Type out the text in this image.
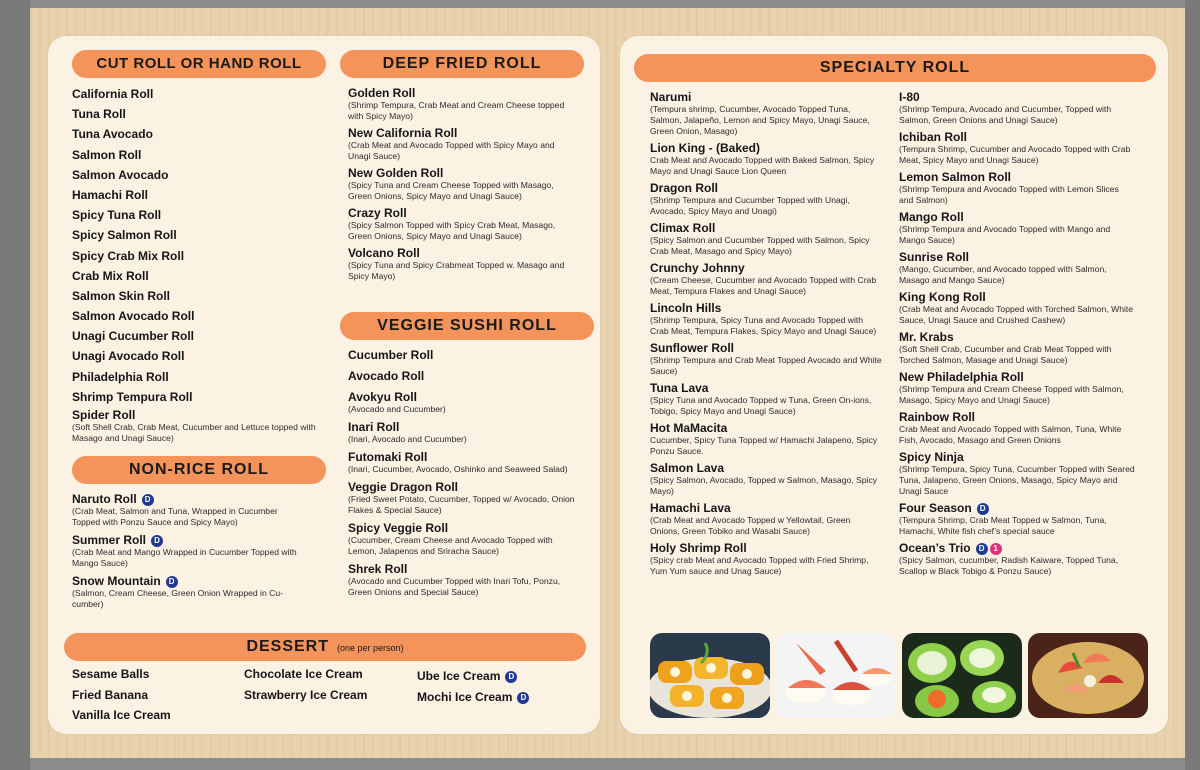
CUT ROLL OR HAND ROLL
California Roll
Tuna Roll
Tuna Avocado
Salmon Roll
Salmon Avocado
Hamachi Roll
Spicy Tuna Roll
Spicy Salmon Roll
Spicy Crab Mix Roll
Crab Mix Roll
Salmon Skin Roll
Salmon Avocado Roll
Unagi Cucumber Roll
Unagi Avocado Roll
Philadelphia Roll
Shrimp Tempura Roll
Spider Roll
(Soft Shell Crab, Crab Meat, Cucumber and Lettuce topped with Masago and Unagi Sauce)
NON-RICE ROLL
Naruto Roll D
(Crab Meat, Salmon and Tuna, Wrapped in Cucumber Topped with Ponzu Sauce and Spicy Mayo)
Summer Roll D
(Crab Meat and Mango Wrapped in Cucumber Topped with Mango Sauce)
Snow Mountain D
(Salmon, Cream Cheese, Green Onion Wrapped in Cu-cumber)
DEEP FRIED ROLL
Golden Roll
(Shrimp Tempura, Crab Meat and Cream Cheese topped with Spicy Mayo)
New California Roll
(Crab Meat and Avocado Topped with Spicy Mayo and Unagi Sauce)
New Golden Roll
(Spicy Tuna and Cream Cheese Topped with Masago, Green Onions, Spicy Mayo and Unagi Sauce)
Crazy Roll
(Spicy Salmon Topped with Spicy Crab Meat, Masago, Green Onions, Spicy Mayo and Unagi Sauce)
Volcano Roll
(Spicy Tuna and Spicy Crabmeat Topped w. Masago and Spicy Mayo)
VEGGIE SUSHI ROLL
Cucumber Roll
Avocado Roll
Avokyu Roll
(Avocado and Cucumber)
Inari Roll
(Inari, Avocado and Cucumber)
Futomaki Roll
(Inari, Cucumber, Avocado, Oshinko and Seaweed Salad)
Veggie Dragon Roll
(Fried Sweet Potato, Cucumber, Topped w/ Avocado, Onion Flakes & Special Sauce)
Spicy Veggie Roll
(Cucumber, Cream Cheese and Avocado Topped with Lemon, Jalapenos and Sriracha Sauce)
Shrek Roll
(Avocado and Cucumber Topped with Inari Tofu, Ponzu, Green Onions and Special Sauce)
DESSERT (one per person)
Sesame Balls
Fried Banana
Vanilla Ice Cream
Chocolate Ice Cream
Strawberry Ice Cream
Ube Ice Cream D
Mochi Ice Cream D
SPECIALTY ROLL
Narumi
(Tempura shrimp, Cucumber, Avocado Topped Tuna, Salmon, Jalapeño, Lemon and Spicy Mayo, Unagi Sauce, Green Onion, Masago)
Lion King - (Baked)
Crab Meat and Avocado Topped with Baked Salmon, Spicy Mayo and Unagi Sauce Lion Queen
Dragon Roll
(Shrimp Tempura and Cucumber Topped with Unagi, Avocado, Spicy Mayo and Unagi)
Climax Roll
(Spicy Salmon and Cucumber Topped with Salmon, Spicy Crab Meat, Masago and Spicy Mayo)
Crunchy Johnny
(Cream Cheese, Cucumber and Avocado Topped with Crab Meat, Tempura Flakes and Unagi Sauce)
Lincoln Hills
(Shrimp Tempura, Spicy Tuna and Avocado Topped with Crab Meat, Tempura Flakes, Spicy Mayo and Unagi Sauce)
Sunflower Roll
(Shrimp Tempura and Crab Meat Topped Avocado and White Sauce)
Tuna Lava
(Spicy Tuna and Avocado Topped w Tuna, Green On-ions, Tobigo, Spicy Mayo and Unagi Sauce)
Hot MaMacita
Cucumber, Spicy Tuna Topped w/ Hamachi Jalapeno, Spicy Ponzu Sauce.
Salmon Lava
(Spicy Salmon, Avocado, Topped w Salmon, Masago, Spicy Mayo)
Hamachi Lava
(Crab Meat and Avocado Topped w Yellowtail, Green Onions, Green Tobiko and Wasabi Sauce)
Holy Shrimp Roll
(Spicy crab Meat and Avocado Topped with Fried Shrimp, Yum Yum sauce and Unag Sauce)
I-80
(Shrimp Tempura, Avocado and Cucumber, Topped with Salmon, Green Onions and Unagi Sauce)
Ichiban Roll
(Tempura Shrimp, Cucumber and Avocado Topped with Crab Meat, Spicy Mayo and Unagi Sauce)
Lemon Salmon Roll
(Shrimp Tempura and Avocado Topped with Lemon Slices and Salmon)
Mango Roll
(Shrimp Tempura and Avocado Topped with Mango and Mango Sauce)
Sunrise Roll
(Mango, Cucumber, and Avocado topped with Salmon, Masago and Mango Sauce)
King Kong Roll
(Crab Meat and Avocado Topped with Torched Salmon, White Sauce, Unagi Sauce and Crushed Cashew)
Mr. Krabs
(Soft Shell Crab, Cucumber and Crab Meat Topped with Torched Salmon, Masage and Unagi Sauce)
New Philadelphia Roll
(Shrimp Tempura and Cream Cheese Topped with Salmon, Masago, Spicy Mayo and Unagi Sauce)
Rainbow Roll
Crab Meat and Avocado Topped with Salmon, Tuna, White Fish, Avocado, Masago and Green Onions
Spicy Ninja
(Shrimp Tempura, Spicy Tuna, Cucumber Topped with Seared Tuna, Jalapeno, Green Onions, Masago, Spicy Mayo and Unagi Sauce
Four Season D
(Tempura Shrimp, Crab Meat Topped w Salmon, Tuna, Hamachi, White fish chef’s special sauce
Ocean’s Trio D 1
(Spicy Salmon, cucumber, Radish Kaiware, Topped Tuna, Scallop w Black Tobigo & Ponzu Sauce)
